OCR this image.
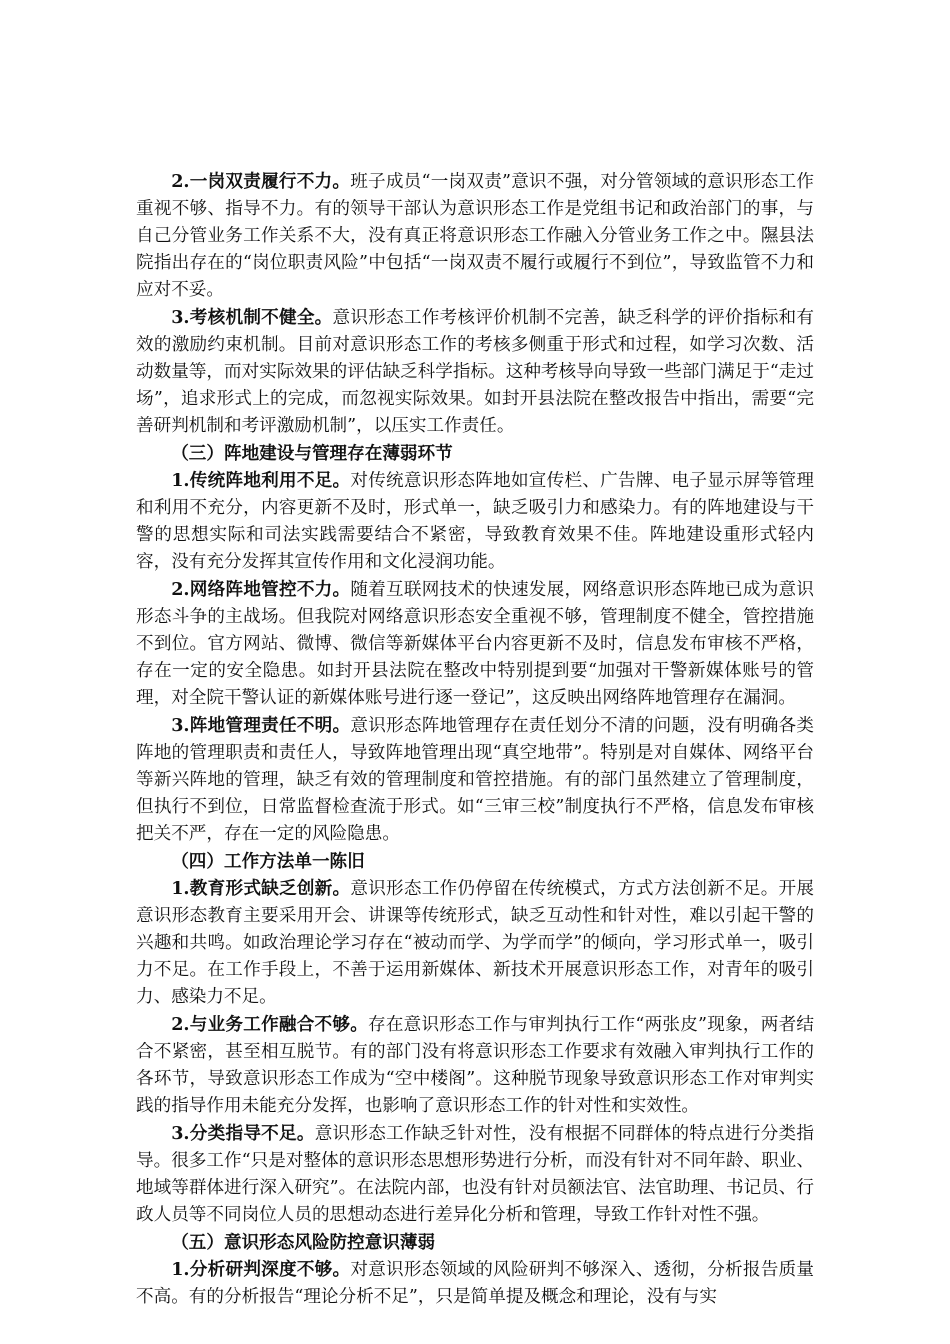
2.一岗双责履行不力。班子成员“一岗双责”意识不强，对分管领域的意识形态工作重视不够、指导不力。有的领导干部认为意识形态工作是党组书记和政治部门的事，与自己分管业务工作关系不大，没有真正将意识形态工作融入分管业务工作之中。隰县法院指出存在的“岗位职责风险”中包括“一岗双责不履行或履行不到位”，导致监管不力和应对不妥。

3.考核机制不健全。意识形态工作考核评价机制不完善，缺乏科学的评价指标和有效的激励约束机制。目前对意识形态工作的考核多侧重于形式和过程，如学习次数、活动数量等，而对实际效果的评估缺乏科学指标。这种考核导向导致一些部门满足于“走过场”，追求形式上的完成，而忽视实际效果。如封开县法院在整改报告中指出，需要“完善研判机制和考评激励机制”，以压实工作责任。

（三）阵地建设与管理存在薄弱环节

1.传统阵地利用不足。对传统意识形态阵地如宣传栏、广告牌、电子显示屏等管理和利用不充分，内容更新不及时，形式单一，缺乏吸引力和感染力。有的阵地建设与干警的思想实际和司法实践需要结合不紧密，导致教育效果不佳。阵地建设重形式轻内容，没有充分发挥其宣传作用和文化浸润功能。

2.网络阵地管控不力。随着互联网技术的快速发展，网络意识形态阵地已成为意识形态斗争的主战场。但我院对网络意识形态安全重视不够，管理制度不健全，管控措施不到位。官方网站、微博、微信等新媒体平台内容更新不及时，信息发布审核不严格，存在一定的安全隐患。如封开县法院在整改中特别提到要“加强对干警新媒体账号的管理，对全院干警认证的新媒体账号进行逐一登记”，这反映出网络阵地管理存在漏洞。

3.阵地管理责任不明。意识形态阵地管理存在责任划分不清的问题，没有明确各类阵地的管理职责和责任人，导致阵地管理出现“真空地带”。特别是对自媒体、网络平台等新兴阵地的管理，缺乏有效的管理制度和管控措施。有的部门虽然建立了管理制度，但执行不到位，日常监督检查流于形式。如“三审三校”制度执行不严格，信息发布审核把关不严，存在一定的风险隐患。

（四）工作方法单一陈旧

1.教育形式缺乏创新。意识形态工作仍停留在传统模式，方式方法创新不足。开展意识形态教育主要采用开会、讲课等传统形式，缺乏互动性和针对性，难以引起干警的兴趣和共鸣。如政治理论学习存在“被动而学、为学而学”的倾向，学习形式单一，吸引力不足。在工作手段上，不善于运用新媒体、新技术开展意识形态工作，对青年的吸引力、感染力不足。

2.与业务工作融合不够。存在意识形态工作与审判执行工作“两张皮”现象，两者结合不紧密，甚至相互脱节。有的部门没有将意识形态工作要求有效融入审判执行工作的各环节，导致意识形态工作成为“空中楼阁”。这种脱节现象导致意识形态工作对审判实践的指导作用未能充分发挥，也影响了意识形态工作的针对性和实效性。

3.分类指导不足。意识形态工作缺乏针对性，没有根据不同群体的特点进行分类指导。很多工作“只是对整体的意识形态思想形势进行分析，而没有针对不同年龄、职业、地域等群体进行深入研究”。在法院内部，也没有针对员额法官、法官助理、书记员、行政人员等不同岗位人员的思想动态进行差异化分析和管理，导致工作针对性不强。

（五）意识形态风险防控意识薄弱

1.分析研判深度不够。对意识形态领域的风险研判不够深入、透彻，分析报告质量不高。有的分析报告“理论分析不足”，只是简单提及概念和理论，没有与实
